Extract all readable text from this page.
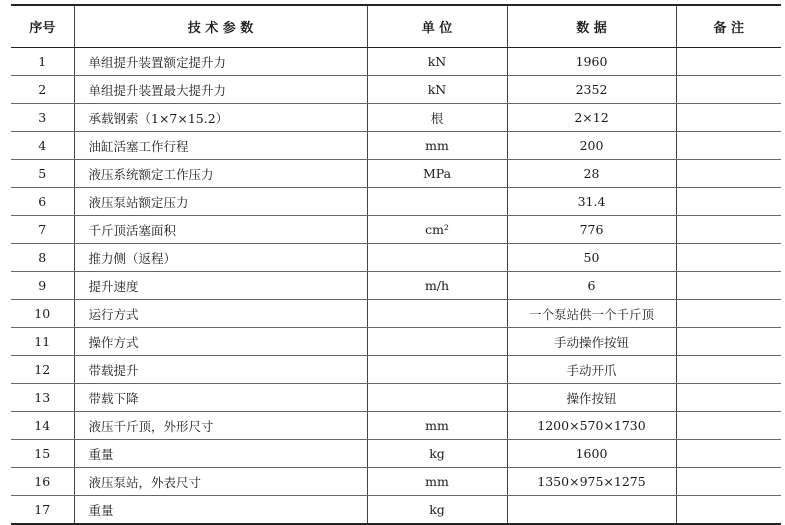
序号	技 术 参 数	单 位	数 据	备 注
1	单组提升装置额定提升力	kN	1960	
2	单组提升装置最大提升力	kN	2352	
3	承载钢索（1×7×15.2）	根	2×12	
4	油缸活塞工作行程	mm	200	
5	液压系统额定工作压力	MPa	28	
6	液压泵站额定压力		31.4	
7	千斤顶活塞面积	cm²	776	
8	推力侧（返程）		50	
9	提升速度	m/h	6	
10	运行方式		一个泵站供一个千斤顶	
11	操作方式		手动操作按钮	
12	带载提升		手动开爪	
13	带载下降		操作按钮	
14	液压千斤顶，外形尺寸	mm	1200×570×1730	
15	重量	kg	1600	
16	液压泵站，外表尺寸	mm	1350×975×1275	
17	重量	kg		
